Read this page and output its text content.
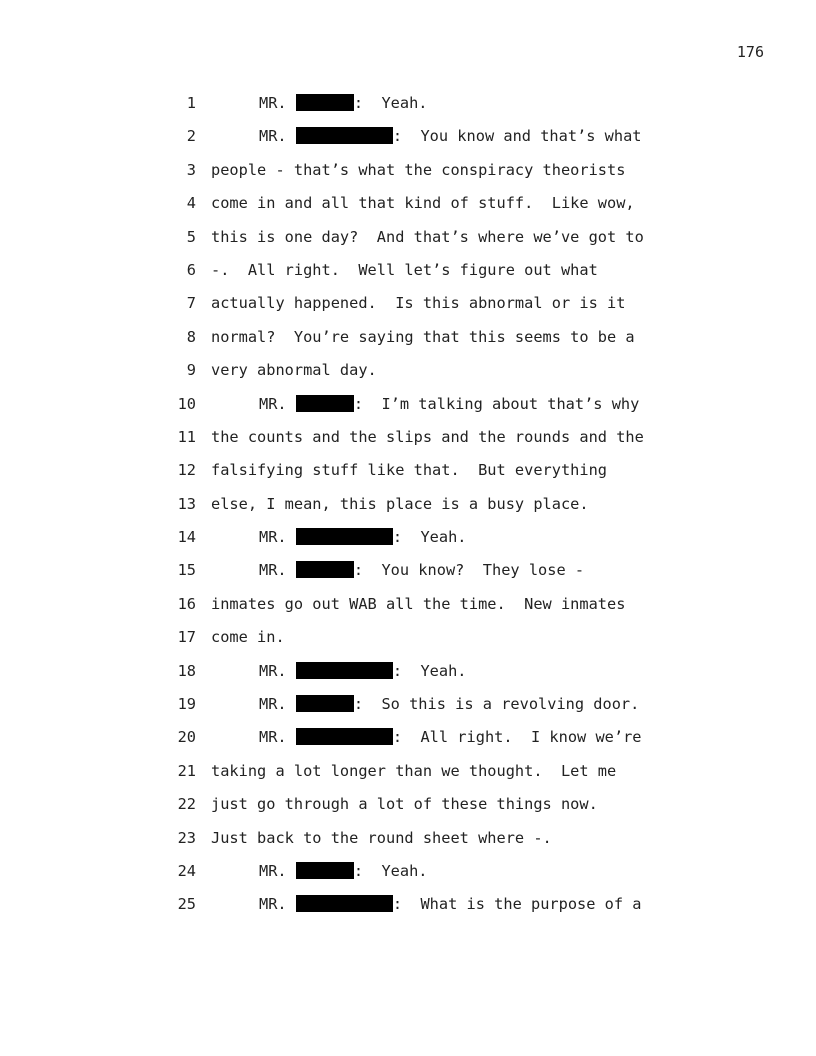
176
1	MR.	:  Yeah.
2	MR.	:  You know and that’s what
3 people - that’s what the conspiracy theorists
4 come in and all that kind of stuff.  Like wow,
5 this is one day?  And that’s where we’ve got to
6 -.  All right.  Well let’s figure out what
7 actually happened.  Is this abnormal or is it
8 normal?  You’re saying that this seems to be a
9 very abnormal day.
10	MR.	:  I’m talking about that’s why
11 the counts and the slips and the rounds and the
12 falsifying stuff like that.  But everything
13 else, I mean, this place is a busy place.
14	MR.	:  Yeah.
15	MR.	:  You know?  They lose -
16 inmates go out WAB all the time.  New inmates
17 come in.
18	MR.	:  Yeah.
19	MR.	:  So this is a revolving door.
20	MR.	:  All right.  I know we’re
21 taking a lot longer than we thought.  Let me
22 just go through a lot of these things now.
23 Just back to the round sheet where -.
24	MR.	:  Yeah.
25	MR.	:  What is the purpose of a
